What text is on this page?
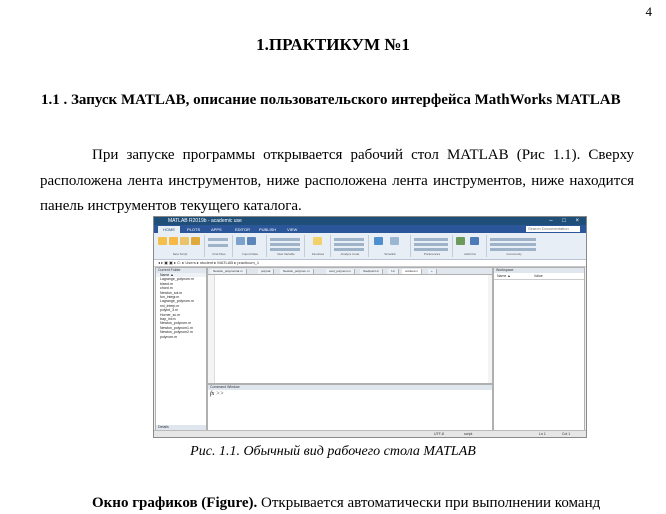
4
1.ПРАКТИКУМ №1
1.1 . Запуск MATLAB, описание пользовательского интерфейса MathWorks MATLAB
При запуске программы открывается рабочий стол MATLAB (Рис 1.1). Сверху расположена лента инструментов, ниже расположена лента инструментов, ниже находится панель инструментов текущего каталога.
MATLAB R2019b - academic use	– □ ×
HOME	PLOTS	APPS	EDITOR	PUBLISH	VIEW	Search Documentation
New Script	Find Files	Import Data	New Variable	Favorites	Analyze Code	Simulink	Preferences	Add-Ons	Community
◂ ▸ ▣ ▣ ▸ C: ▸ Users ▸ student ▸ MATLAB ▸ practicum_1
Current Folder
Name ▲
Lagrange_polynom.m
bisect.m
chord.m
Newton_sol.m
fun_integr.m
Lagrange_polynom.m
nni_interp.m
polyint_3.m
Horner_sc.m
trap_int.m
Newton_polynom.m
Newton_polynom1.m
Newton_polynom2.m
polynom.m
Details
Newton_polynomial.m	polyval	Newton_polynom.m	coef_polynom.m	fixedpoint.m	f.m	untitled.m	+
Command Window
fx >>
Workspace
Name ▲	Value
UTF-8	script	Ln 1	Col 1
Рис. 1.1. Обычный вид рабочего стола MATLAB
Окно графиков (Figure). Открывается автоматически при выполнении команд
